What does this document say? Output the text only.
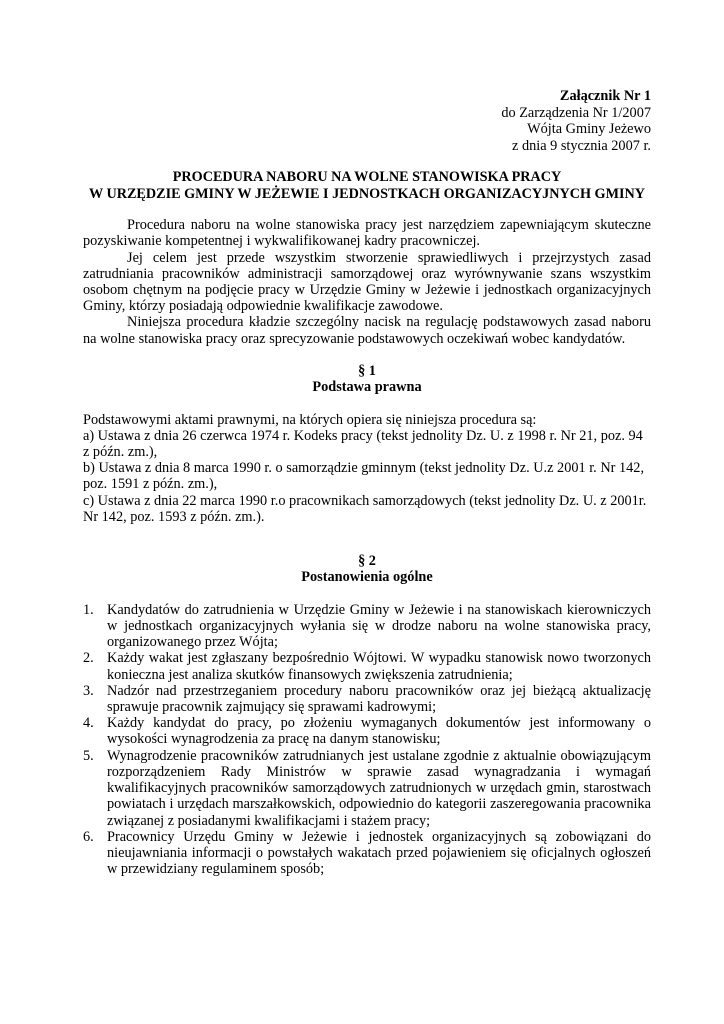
Załącznik Nr 1
do Zarządzenia Nr 1/2007
Wójta Gminy Jeżewo
z dnia 9 stycznia 2007 r.
PROCEDURA NABORU NA WOLNE STANOWISKA PRACY
W URZĘDZIE GMINY W JEŻEWIE I JEDNOSTKACH ORGANIZACYJNYCH GMINY

Procedura naboru na wolne stanowiska pracy jest narzędziem zapewniającym skuteczne pozyskiwanie kompetentnej i wykwalifikowanej kadry pracowniczej.

Jej celem jest przede wszystkim stworzenie sprawiedliwych i przejrzystych zasad zatrudniania pracowników administracji samorządowej oraz wyrównywanie szans wszystkim osobom chętnym na podjęcie pracy w Urzędzie Gminy w Jeżewie i jednostkach organizacyjnych Gminy, którzy posiadają odpowiednie kwalifikacje zawodowe.

Niniejsza procedura kładzie szczególny nacisk na regulację podstawowych zasad naboru na wolne stanowiska pracy oraz sprecyzowanie podstawowych oczekiwań wobec kandydatów.

§ 1
Podstawa prawna
Podstawowymi aktami prawnymi, na których opiera się niniejsza procedura są:
a) Ustawa z dnia 26 czerwca 1974 r. Kodeks pracy (tekst jednolity Dz. U. z 1998 r. Nr 21, poz. 94
z późn. zm.),
b) Ustawa z dnia 8 marca 1990 r. o samorządzie gminnym (tekst jednolity Dz. U.z 2001 r. Nr 142,
poz. 1591 z późn. zm.),
c) Ustawa z dnia 22 marca 1990 r.o pracownikach samorządowych (tekst jednolity Dz. U. z 2001r.
Nr 142, poz. 1593 z późn. zm.).
§ 2
Postanowienia ogólne
1. Kandydatów do zatrudnienia w Urzędzie Gminy w Jeżewie i na stanowiskach kierowniczych w jednostkach organizacyjnych wyłania się w drodze naboru na wolne stanowiska pracy, organizowanego przez Wójta;
2. Każdy wakat jest zgłaszany bezpośrednio Wójtowi. W wypadku stanowisk nowo tworzonych konieczna jest analiza skutków finansowych zwiększenia zatrudnienia;
3. Nadzór nad przestrzeganiem procedury naboru pracowników oraz jej bieżącą aktualizację sprawuje pracownik zajmujący się sprawami kadrowymi;
4. Każdy kandydat do pracy, po złożeniu wymaganych dokumentów jest informowany o wysokości wynagrodzenia za pracę na danym stanowisku;
5. Wynagrodzenie pracowników zatrudnianych jest ustalane zgodnie z aktualnie obowiązującym rozporządzeniem Rady Ministrów w sprawie zasad wynagradzania i wymagań kwalifikacyjnych pracowników samorządowych zatrudnionych w urzędach gmin, starostwach powiatach i urzędach marszałkowskich, odpowiednio do kategorii zaszeregowania pracownika związanej z posiadanymi kwalifikacjami i stażem pracy;
6. Pracownicy Urzędu Gminy w Jeżewie i jednostek organizacyjnych są zobowiązani do nieujawniania informacji o powstałych wakatach przed pojawieniem się oficjalnych ogłoszeń w przewidziany regulaminem sposób;
